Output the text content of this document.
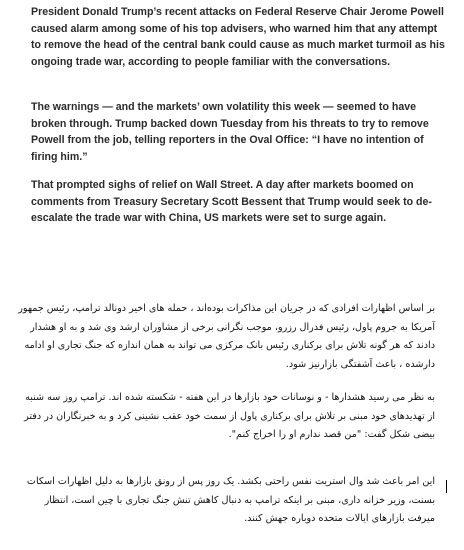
President Donald Trump’s recent attacks on Federal Reserve Chair Jerome Powell caused alarm among some of his top advisers, who warned him that any attempt to remove the head of the central bank could cause as much market turmoil as his ongoing trade war, according to people familiar with the conversations.

The warnings — and the markets’ own volatility this week — seemed to have broken through. Trump backed down Tuesday from his threats to try to remove Powell from the job, telling reporters in the Oval Office: “I have no intention of firing him.”

That prompted sighs of relief on Wall Street. A day after markets boomed on comments from Treasury Secretary Scott Bessent that Trump would seek to de-escalate the trade war with China, US markets were set to surge again.

بر اساس اظهارات افرادی که در جریان این مذاکرات بوده‌اند ، حمله های اخیر دونالد ترامپ، رئیس جمهور آمریکا به جروم پاول، رئیس فدرال رزرو، موجب نگرانی برخی از مشاوران ارشد وی شد و به او هشدار دادند که هر گونه تلاش برای برکناری رئیس بانک مرکزی می تواند به همان اندازه که جنگ تجاری او ادامه دارشده ، باعث آشفتگی بازارنیز شود.

به نظر می رسید هشدارها - و نوسانات خود بازارها در این هفته - شکسته شده اند. ترامپ روز سه شنبه از تهدیدهای خود مبنی بر تلاش برای برکناری پاول از سمت خود عقب نشینی کرد و به خبرنگاران در دفتر بیضی شکل گفت: "من قصد ندارم او را اخراج کنم".

این امر باعث شد وال استریت نفس راحتی بکشد. یک روز پس از رونق بازارها به دلیل اظهارات اسکات بسنت، وزیر خزانه داری، مبنی بر اینکه ترامپ به دنبال کاهش تنش جنگ تجاری با چین است، انتظار میرفت بازارهای ایالات متحده دوباره جهش کنند.
